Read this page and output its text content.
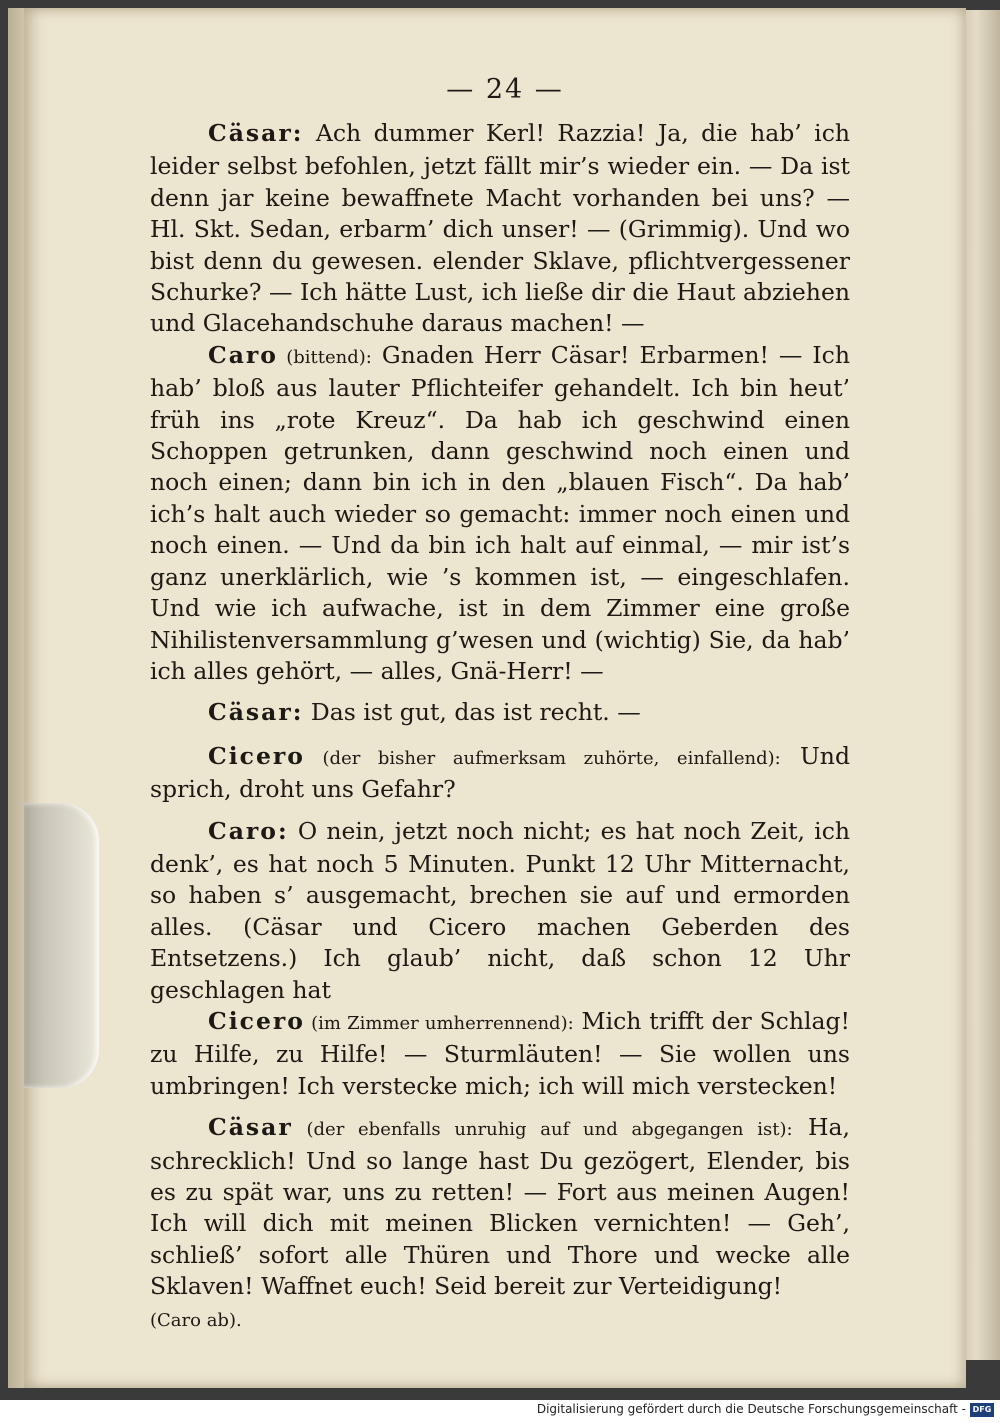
— 24 —

Cäsar: Ach dummer Kerl! Razzia! Ja, die hab’ ich leider selbst befohlen, jetzt fällt mir’s wieder ein. — Da ist denn jar keine bewaffnete Macht vorhanden bei uns? — Hl. Skt. Sedan, erbarm’ dich unser! — (Grimmig). Und wo bist denn du gewesen. elender Sklave, pflichtvergessener Schurke? — Ich hätte Lust, ich ließe dir die Haut abziehen und Glacehandschuhe daraus machen! —

Caro (bittend): Gnaden Herr Cäsar! Erbarmen! — Ich hab’ bloß aus lauter Pflichteifer gehandelt. Ich bin heut’ früh ins „rote Kreuz“. Da hab ich geschwind einen Schoppen getrunken, dann geschwind noch einen und noch einen; dann bin ich in den „blauen Fisch“. Da hab’ ich’s halt auch wieder so gemacht: immer noch einen und noch einen. — Und da bin ich halt auf einmal, — mir ist’s ganz unerklärlich, wie ’s kommen ist, — eingeschlafen. Und wie ich aufwache, ist in dem Zimmer eine große Nihilistenversammlung g’wesen und (wichtig) Sie, da hab’ ich alles gehört, — alles, Gnä-Herr! —

Cäsar: Das ist gut, das ist recht. —

Cicero (der bisher aufmerksam zuhörte, einfallend): Und sprich, droht uns Gefahr?

Caro: O nein, jetzt noch nicht; es hat noch Zeit, ich denk’, es hat noch 5 Minuten. Punkt 12 Uhr Mitternacht, so haben s’ ausgemacht, brechen sie auf und ermorden alles. (Cäsar und Cicero machen Geberden des Entsetzens.) Ich glaub’ nicht, daß schon 12 Uhr geschlagen hat

Cicero (im Zimmer umherrennend): Mich trifft der Schlag! zu Hilfe, zu Hilfe! — Sturmläuten! — Sie wollen uns umbringen! Ich verstecke mich; ich will mich verstecken!

Cäsar (der ebenfalls unruhig auf und abgegangen ist): Ha, schrecklich! Und so lange hast Du gezögert, Elender, bis es zu spät war, uns zu retten! — Fort aus meinen Augen! Ich will dich mit meinen Blicken vernichten! — Geh’, schließ’ sofort alle Thüren und Thore und wecke alle Sklaven! Waffnet euch! Seid bereit zur Verteidigung!

(Caro ab).

Digitalisierung gefördert durch die Deutsche Forschungsgemeinschaft - DFG
